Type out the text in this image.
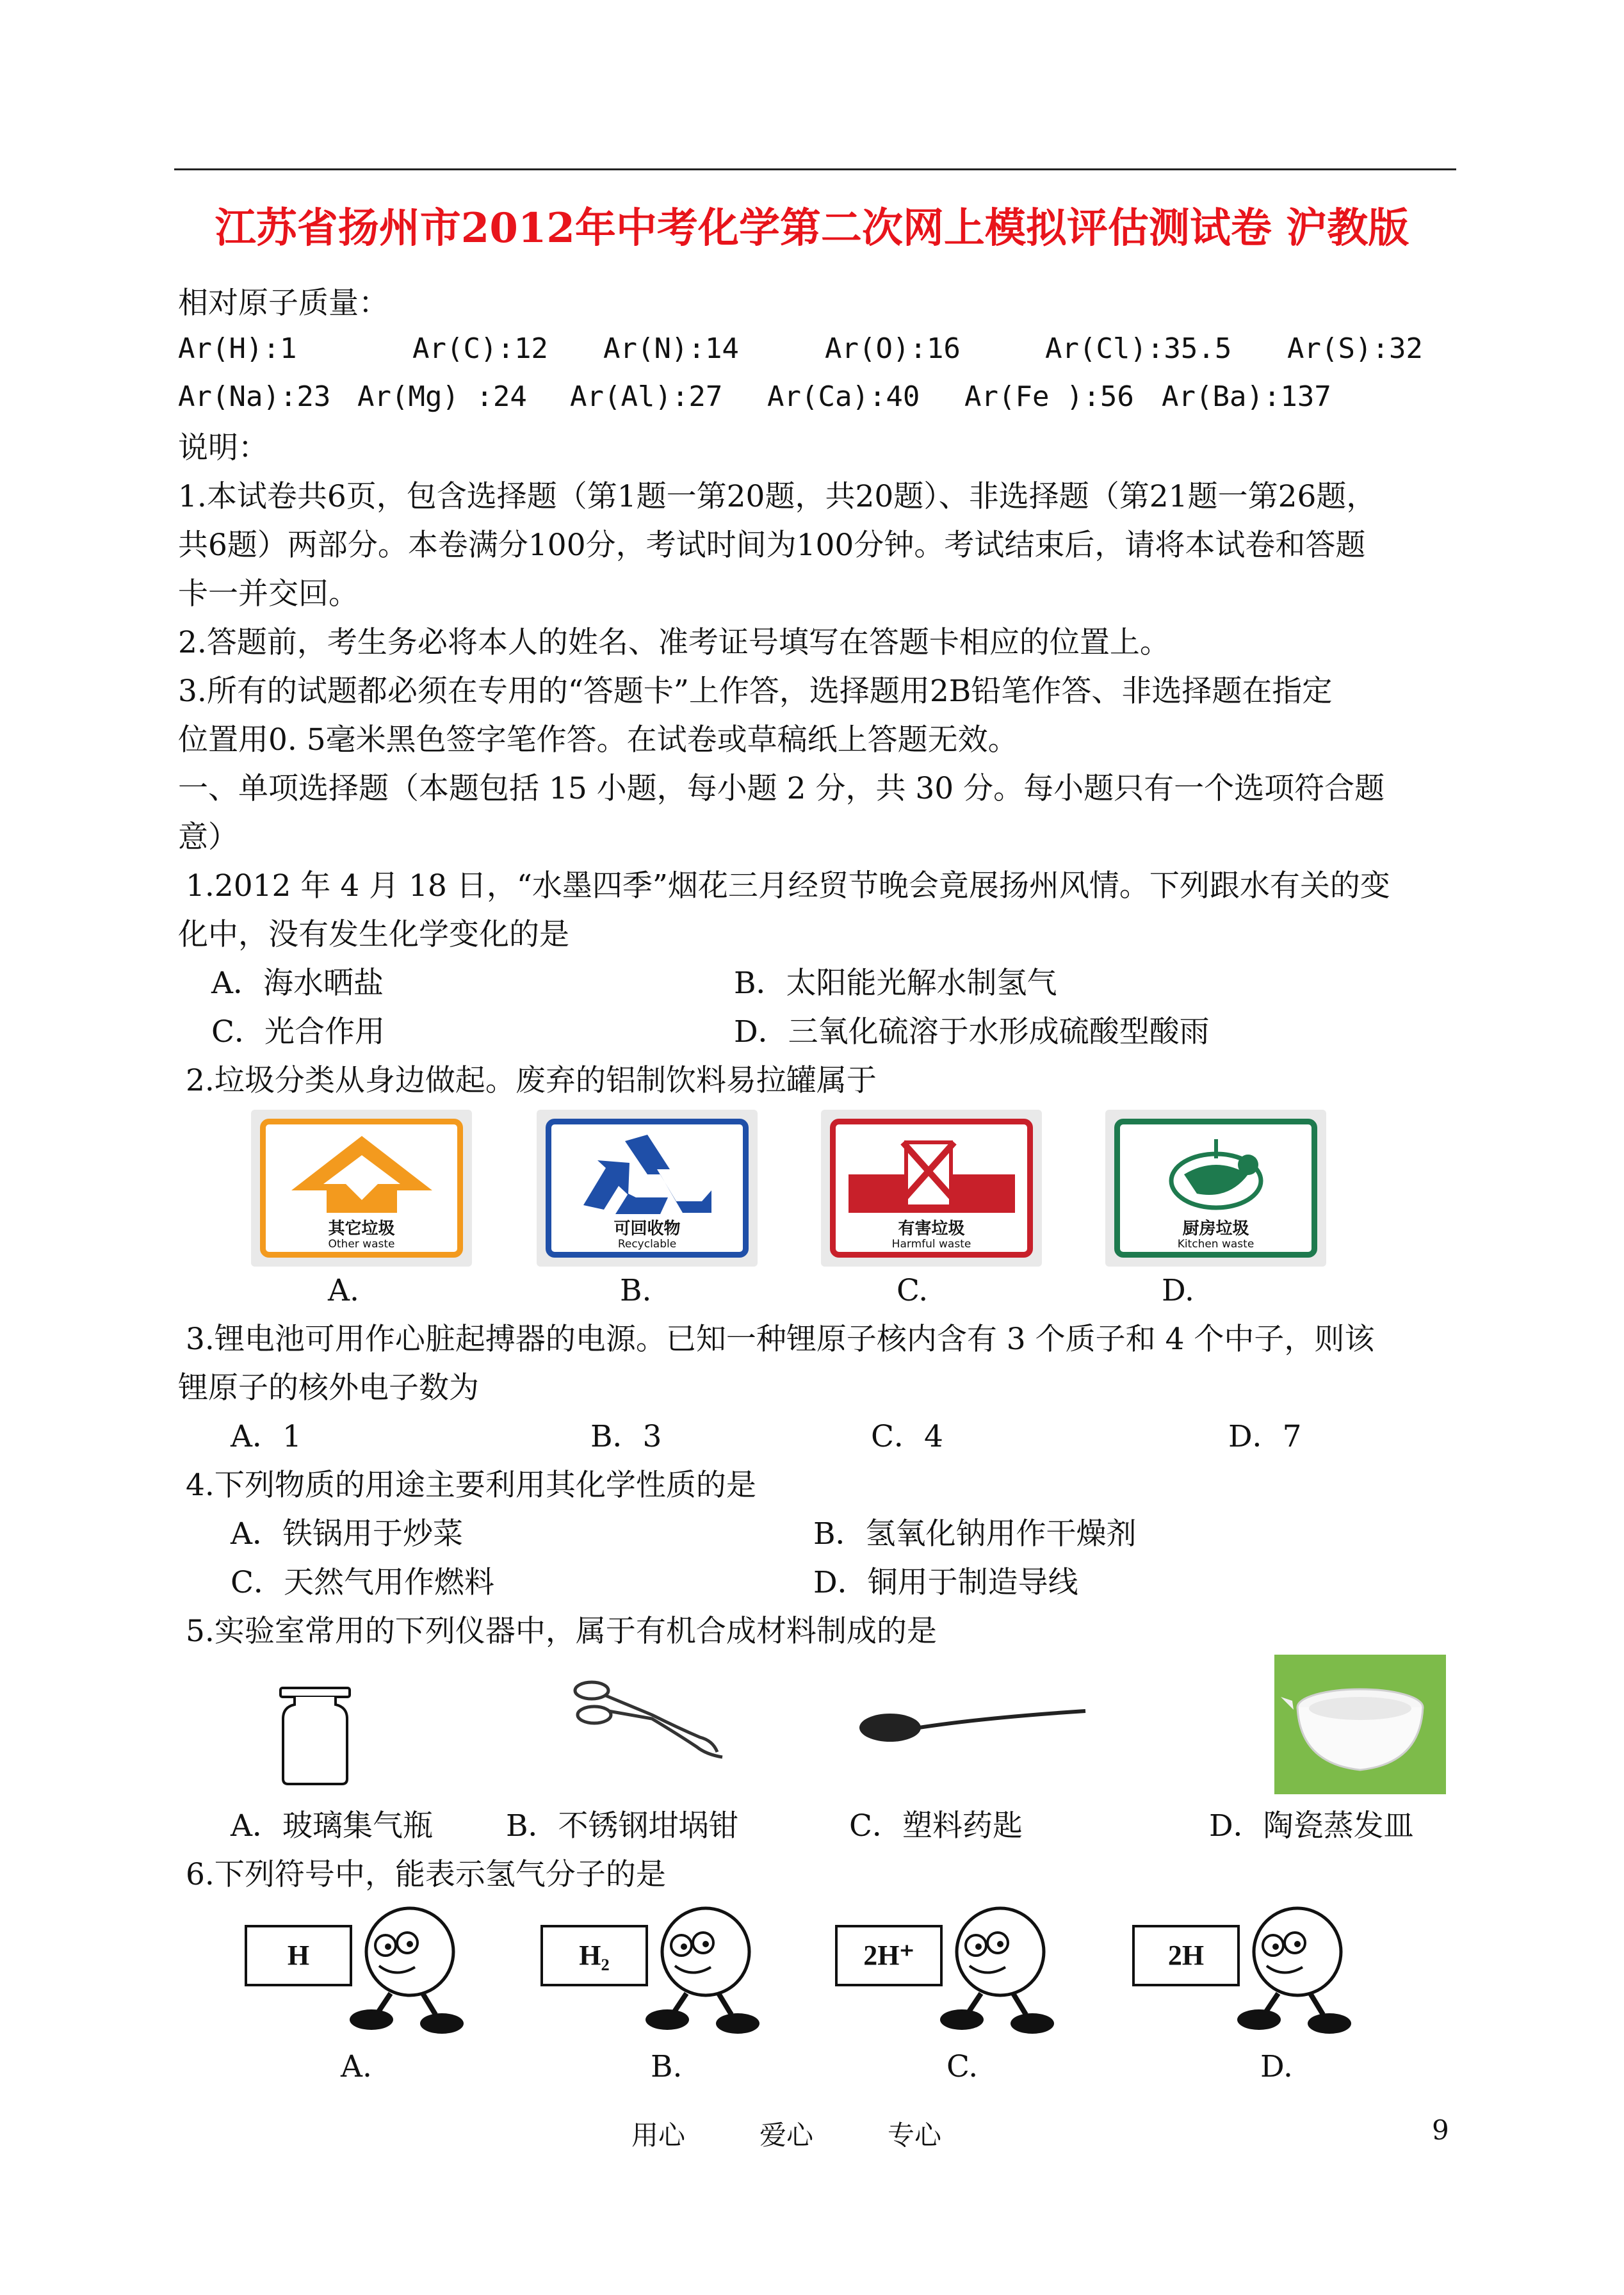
江苏省扬州市2012年中考化学第二次网上模拟评估测试卷 沪教版
相对原子质量：
Ar(H):1	Ar(C):12 Ar(N):14	Ar(O):16	Ar(Cl):35.5 Ar(S):32
Ar(Na):23 Ar(Mg) :24 Ar(Al):27 Ar(Ca):40 Ar(Fe ):56 Ar(Ba):137
说明：
1.本试卷共6页，包含选择题（第1题一第20题，共20题）、非选择题（第21题一第26题，
共6题）两部分。本卷满分100分，考试时间为100分钟。考试结束后，请将本试卷和答题
卡一并交回。
2.答题前，考生务必将本人的姓名、准考证号填写在答题卡相应的位置上。
3.所有的试题都必须在专用的“答题卡”上作答，选择题用2B铅笔作答、非选择题在指定
位置用0. 5毫米黑色签字笔作答。在试卷或草稿纸上答题无效。
一、单项选择题（本题包括 15 小题，每小题 2 分，共 30 分。每小题只有一个选项符合题
意）
1.2012 年 4 月 18 日，“水墨四季”烟花三月经贸节晚会竟展扬州风情。下列跟水有关的变
化中，没有发生化学变化的是
A．海水晒盐	B．太阳能光解水制氢气
C．光合作用	D．三氧化硫溶于水形成硫酸型酸雨
2.垃圾分类从身边做起。废弃的铝制饮料易拉罐属于
其它垃圾
Other waste
可回收物
Recyclable
有害垃圾
Harmful waste
厨房垃圾
Kitchen waste
A.	B.	C.	D.
3.锂电池可用作心脏起搏器的电源。已知一种锂原子核内含有 3 个质子和 4 个中子，则该
锂原子的核外电子数为
A．1	B．3	C．4	D．7
4.下列物质的用途主要利用其化学性质的是
A．铁锅用于炒菜	B．氢氧化钠用作干燥剂
C．天然气用作燃料	D．铜用于制造导线
5.实验室常用的下列仪器中，属于有机合成材料制成的是
A．玻璃集气瓶 B．不锈钢坩埚钳	C．塑料药匙	D．陶瓷蒸发皿
6.下列符号中，能表示氢气分子的是
H	H₂	2H⁺	2H
A.	B.	C.	D.
用心	爱心	专心	9
